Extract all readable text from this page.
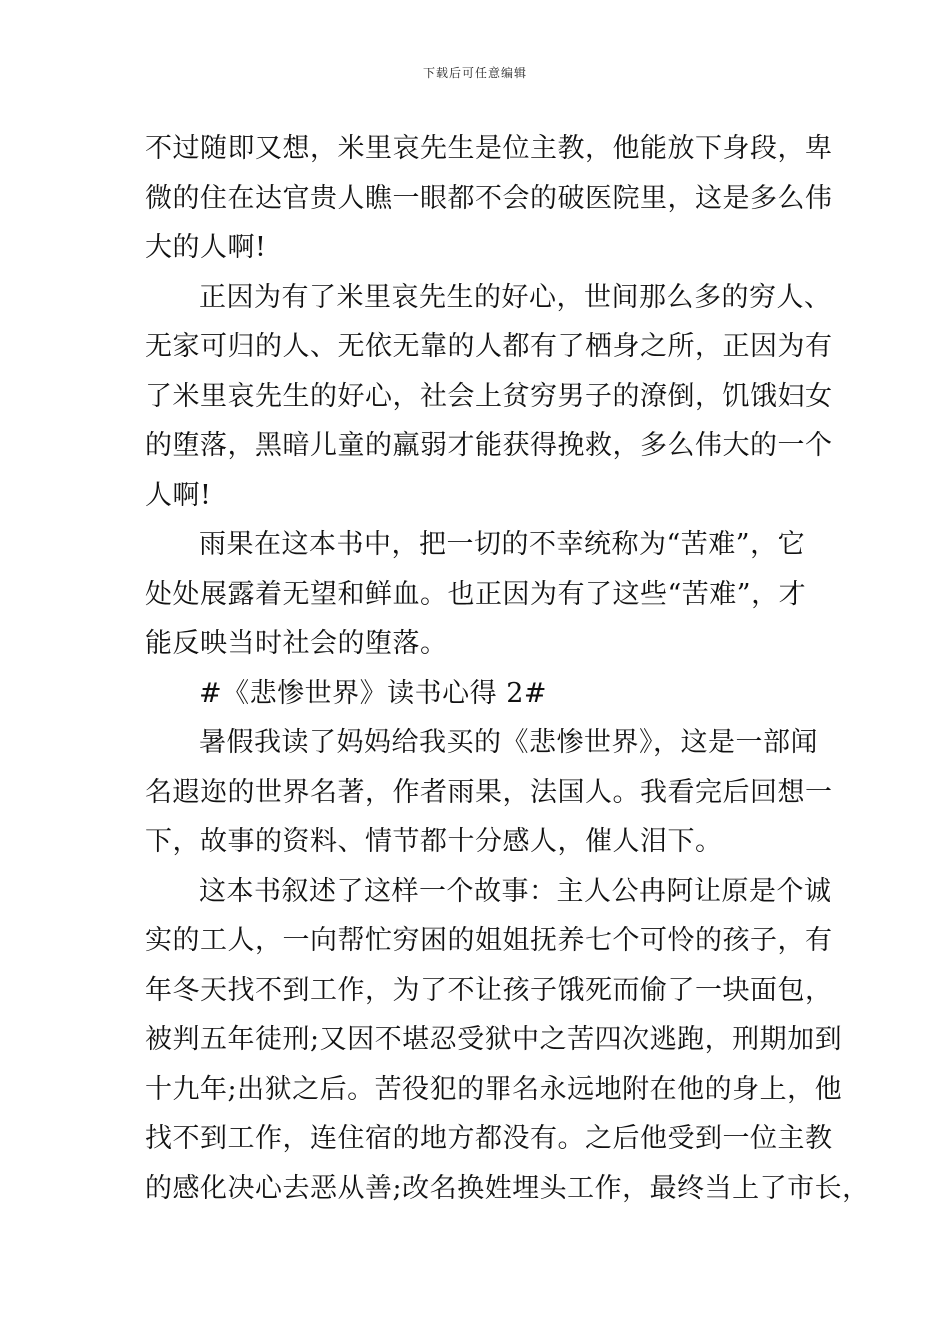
下载后可任意编辑
不过随即又想，米里哀先生是位主教，他能放下身段，卑
微的住在达官贵人瞧一眼都不会的破医院里，这是多么伟
大的人啊!
正因为有了米里哀先生的好心，世间那么多的穷人、
无家可归的人、无依无靠的人都有了栖身之所，正因为有
了米里哀先生的好心，社会上贫穷男子的潦倒，饥饿妇女
的堕落，黑暗儿童的羸弱才能获得挽救，多么伟大的一个
人啊!
雨果在这本书中，把一切的不幸统称为“苦难”，它
处处展露着无望和鲜血。也正因为有了这些“苦难”，才
能反映当时社会的堕落。
#《悲惨世界》读书心得 2#
暑假我读了妈妈给我买的《悲惨世界》，这是一部闻
名遐迩的世界名著，作者雨果，法国人。我看完后回想一
下，故事的资料、情节都十分感人，催人泪下。
这本书叙述了这样一个故事：主人公冉阿让原是个诚
实的工人，一向帮忙穷困的姐姐抚养七个可怜的孩子，有
年冬天找不到工作，为了不让孩子饿死而偷了一块面包，
被判五年徒刑;又因不堪忍受狱中之苦四次逃跑，刑期加到
十九年;出狱之后。苦役犯的罪名永远地附在他的身上，他
找不到工作，连住宿的地方都没有。之后他受到一位主教
的感化决心去恶从善;改名换姓埋头工作，最终当上了市长，
